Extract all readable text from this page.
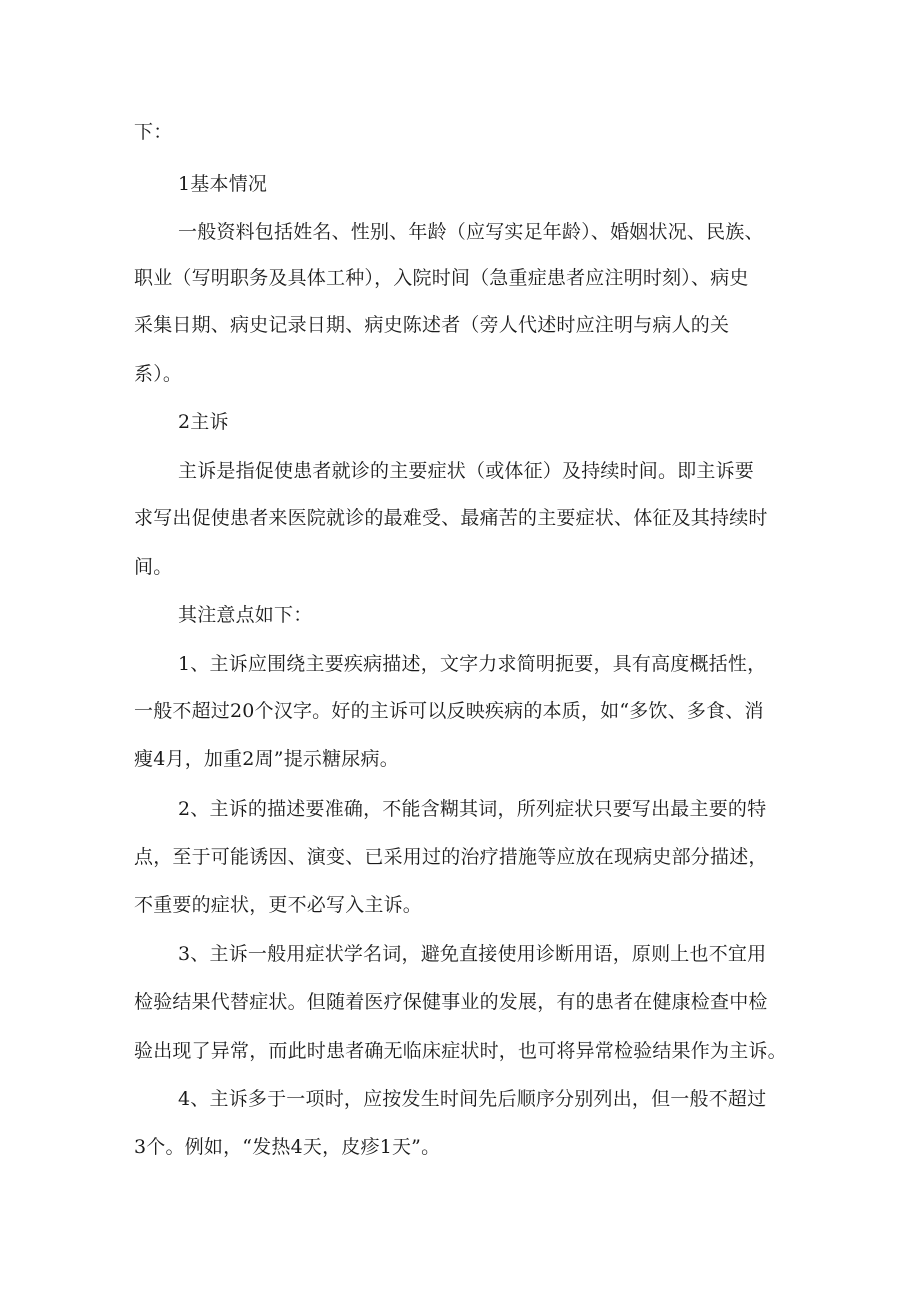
下：
1基本情况
一般资料包括姓名、性别、年龄（应写实足年龄）、婚姻状况、民族、
职业（写明职务及具体工种），入院时间（急重症患者应注明时刻）、病史
采集日期、病史记录日期、病史陈述者（旁人代述时应注明与病人的关
系）。
2主诉
主诉是指促使患者就诊的主要症状（或体征）及持续时间。即主诉要
求写出促使患者来医院就诊的最难受、最痛苦的主要症状、体征及其持续时
间。
其注意点如下：
1、主诉应围绕主要疾病描述，文字力求简明扼要，具有高度概括性，
一般不超过20个汉字。好的主诉可以反映疾病的本质，如“多饮、多食、消
瘦4月，加重2周”提示糖尿病。
2、主诉的描述要准确，不能含糊其词，所列症状只要写出最主要的特
点，至于可能诱因、演变、已采用过的治疗措施等应放在现病史部分描述，
不重要的症状，更不必写入主诉。
3、主诉一般用症状学名词，避免直接使用诊断用语，原则上也不宜用
检验结果代替症状。但随着医疗保健事业的发展，有的患者在健康检查中检
验出现了异常，而此时患者确无临床症状时，也可将异常检验结果作为主诉。
4、主诉多于一项时，应按发生时间先后顺序分别列出，但一般不超过
3个。例如，“发热4天，皮疹1天”。
